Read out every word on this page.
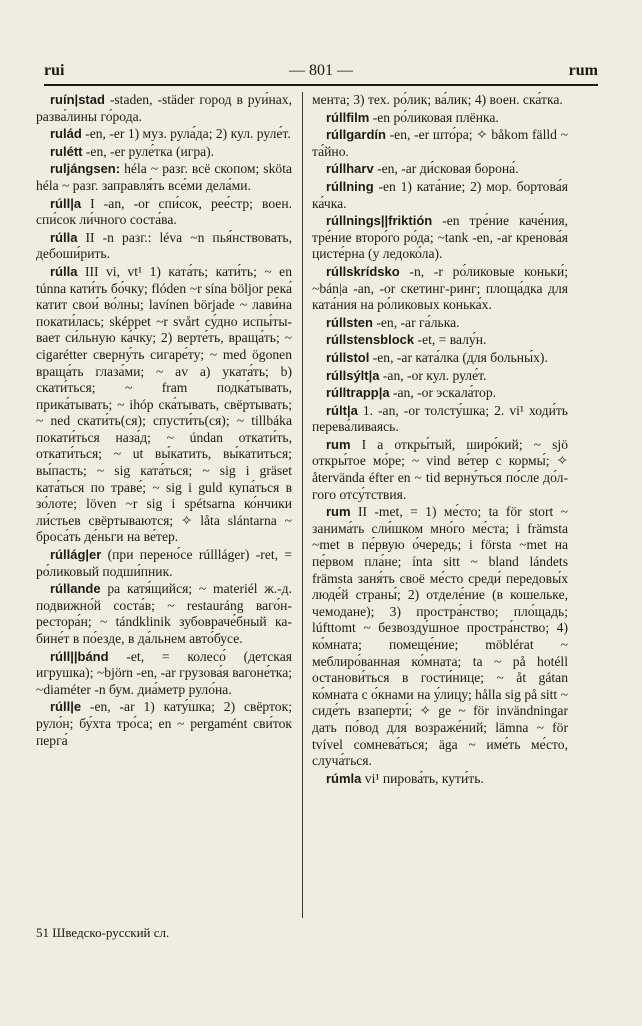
rui	— 801 —	rum

ruín|stad -staden, -städer город в руи́нах, разва́лины го́рода.

rulád -en, -er 1) муз. рула́да; 2) кул. руле́т.

rulétt -en, -er руле́тка (игра).

ruljángsen: héla ~ разг. всё скопом; sköta héla ~ разг. заправля́ть все́ми дела́ми.

rúll|a I -an, -or спи́сок, рее́стр; воен. спи́сок ли́чного соста́ва.

rúlla II -n разг.: léva ~n пья́нствовать, дебоши́рить.

rúlla III vi, vt¹ 1) ката́ть; кати́ть; ~ en túnna кати́ть бо́чку; flóden ~r sína bölјor река́ катит свои́ во́лны; lavínen började ~ лави́на покати́лась; sképpet ~r svårt су́дно испы́тывает си́льную ка́чку; 2) верте́ть, враща́ть; ~ cigarétter сверну́ть сигаре́ту; ~ med ögonen враща́ть глаза́ми; ~ av a) уката́ть; b) скати́ться; ~ fram подка́тывать, прика́тывать; ~ ihóp ска́тывать, свёртывать; ~ ned скати́ть(ся); спусти́ть(ся); ~ tillbáka покати́ться наза́д; ~ úndan откати́ть, откати́ться; ~ ut вы́катить, вы́катиться; вы́пасть; ~ sig ката́ться; ~ sig i gräset ката́ться по траве́; ~ sig i guld купа́ться в зо́лоте; löven ~r sig i spétsarna ко́нчики ли́стьев свёртываются; ✧ låta slántarna ~ броса́ть де́ньги на ве́тер.

rúllág|er (при перено́се rúllláger) -ret, = ро́ликовый подши́пник.

rúllande pa катя́щийся; ~ materiél ж.-д. подвижно́й соста́в; ~ restauráng ваго́н-рестора́н; ~ tándklinik зубовраче́бный кабине́т в по́езде, в да́льнем авто́бусе.

rúll||bánd -et, = колесо́ (детская игрушка); ~björn -en, -ar грузова́я вагоне́тка; ~diaméter -n бум. диа́метр руло́на.

rúll|e -en, -ar 1) кату́шка; 2) свёрток; руло́н; бу́хта тро́са; en ~ pergamént сви́ток перга́

мента; 3) тех. ро́лик; ва́лик; 4) воен. ска́тка.

rúllfilm -en ро́ликовая плёнка.

rúllgardín -en, -er што́ра; ✧ båkom fälld ~ та́йно.

rúllharv -en, -ar ди́сковая борона́.

rúllning -en 1) ката́ние; 2) мор. бортова́я ка́чка.

rúllnings||friktión -en тре́ние каче́ния, тре́ние второ́го ро́да; ~tank -en, -ar кренова́я цисте́рна (у ледоко́ла).

rúllskrídsko -n, -r ро́ликовые коньки́; ~bán|a -an, -or скетинг-ринг; площа́дка для ката́ния на ро́ликовых конька́х.

rúllsten -en, -ar га́лька.

rúllstensblock -et, = валу́н.

rúllstol -en, -ar ката́лка (для больны́х).

rúllsýlt|a -an, -or кул. руле́т.

rúlltrapp|a -an, -or эскала́тор.

rúlt|a 1. -an, -or толсту́шка; 2. vi¹ ходи́ть перева́ливаясь.

rum I a откры́тый, широ́кий; ~ sjö откры́тое мо́ре; ~ vind ве́тер с кормы́; ✧ återvända éfter en ~ tid верну́ться по́сле до́лгого отсу́тствия.

rum II -met, = 1) ме́сто; ta för stort ~ занима́ть сли́шком мно́го ме́ста; i främsta ~met в пе́рвую о́чередь; i första ~met на пе́рвом пла́не; ínta sitt ~ bland lándets främsta заня́ть своё ме́сто среди́ передовы́х люде́й страны́; 2) отделе́ние (в кошельке, чемодане); 3) простра́нство; пло́щадь; lúfttomt ~ безвозду́шное простра́нство; 4) ко́мната; помеще́ние; möblérat ~ меблиро́ванная ко́мната; ta ~ på hotéll останови́ться в гости́нице; ~ åt gátan ко́мната с о́кнами на у́лицу; hålla sig på sitt ~ сиде́ть взаперти́; ✧ ge ~ för invändningar дать по́вод для возраже́ний; lämna ~ för tvível сомнева́ться; äga ~ име́ть ме́сто, случа́ться.

rúmla vi¹ пирова́ть, кути́ть.

51 Шведско-русский сл.
